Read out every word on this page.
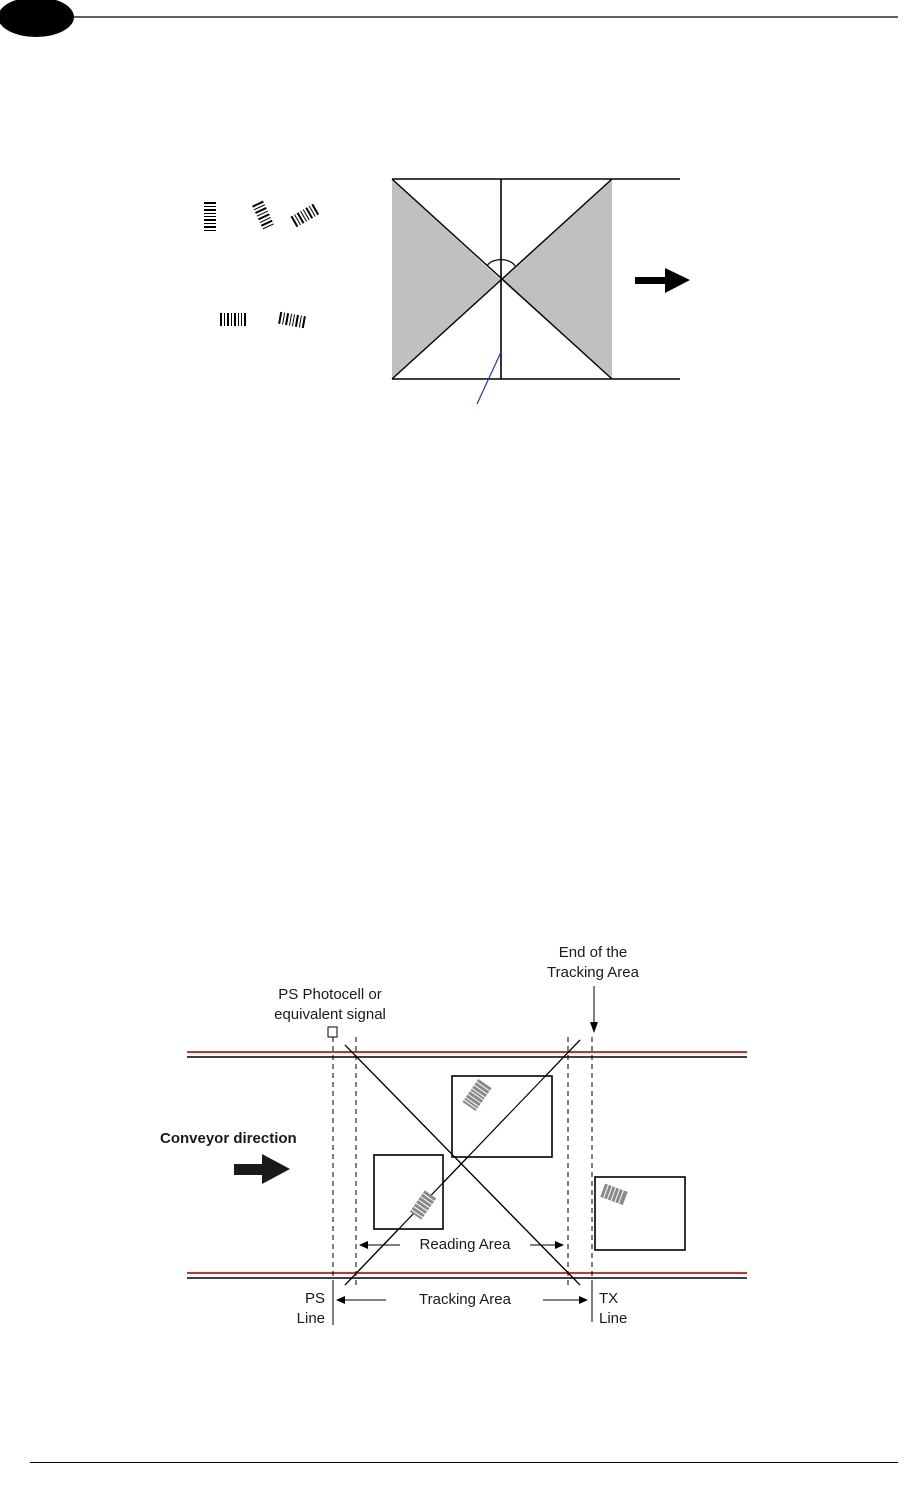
End of the
Tracking Area
PS Photocell or
equivalent signal
Conveyor direction
Reading Area
Tracking Area
PS
Line
TX
Line
